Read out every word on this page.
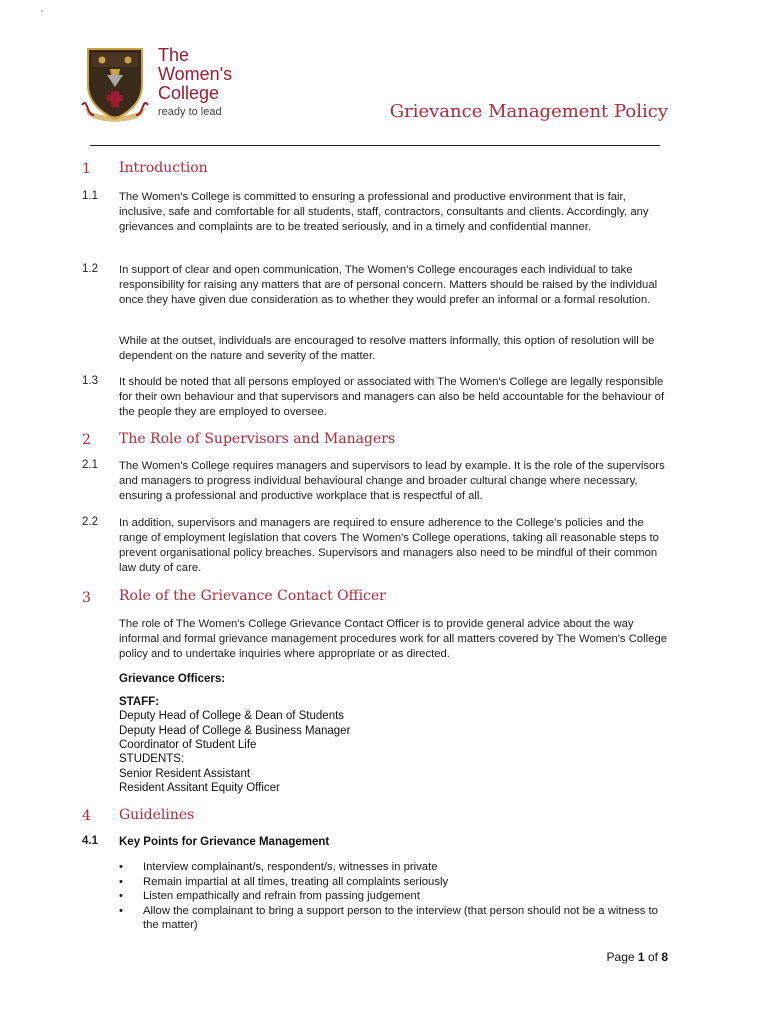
`
The
Women's
College
ready to lead	Grievance Management Policy
1 Introduction
1.1 The Women's College is committed to ensuring a professional and productive environment that is fair, inclusive, safe and comfortable for all students, staff, contractors, consultants and clients. Accordingly, any grievances and complaints are to be treated seriously, and in a timely and confidential manner.
1.2 In support of clear and open communication, The Women's College encourages each individual to take responsibility for raising any matters that are of personal concern. Matters should be raised by the individual once they have given due consideration as to whether they would prefer an informal or a formal resolution.
While at the outset, individuals are encouraged to resolve matters informally, this option of resolution will be dependent on the nature and severity of the matter.
1.3 It should be noted that all persons employed or associated with The Women's College are legally responsible for their own behaviour and that supervisors and managers can also be held accountable for the behaviour of the people they are employed to oversee.
2 The Role of Supervisors and Managers
2.1 The Women's College requires managers and supervisors to lead by example. It is the role of the supervisors and managers to progress individual behavioural change and broader cultural change where necessary, ensuring a professional and productive workplace that is respectful of all.
2.2 In addition, supervisors and managers are required to ensure adherence to the College's policies and the range of employment legislation that covers The Women's College operations, taking all reasonable steps to prevent organisational policy breaches. Supervisors and managers also need to be mindful of their common law duty of care.
3 Role of the Grievance Contact Officer
The role of The Women's College Grievance Contact Officer is to provide general advice about the way informal and formal grievance management procedures work for all matters covered by The Women's College policy and to undertake inquiries where appropriate or as directed.
Grievance Officers:
STAFF:
Deputy Head of College & Dean of Students
Deputy Head of College & Business Manager
Coordinator of Student Life
STUDENTS:
Senior Resident Assistant
Resident Assitant Equity Officer
4 Guidelines
4.1 Key Points for Grievance Management
• Interview complainant/s, respondent/s, witnesses in private
• Remain impartial at all times, treating all complaints seriously
• Listen empathically and refrain from passing judgement
• Allow the complainant to bring a support person to the interview (that person should not be a witness to the matter)
Page 1 of 8
